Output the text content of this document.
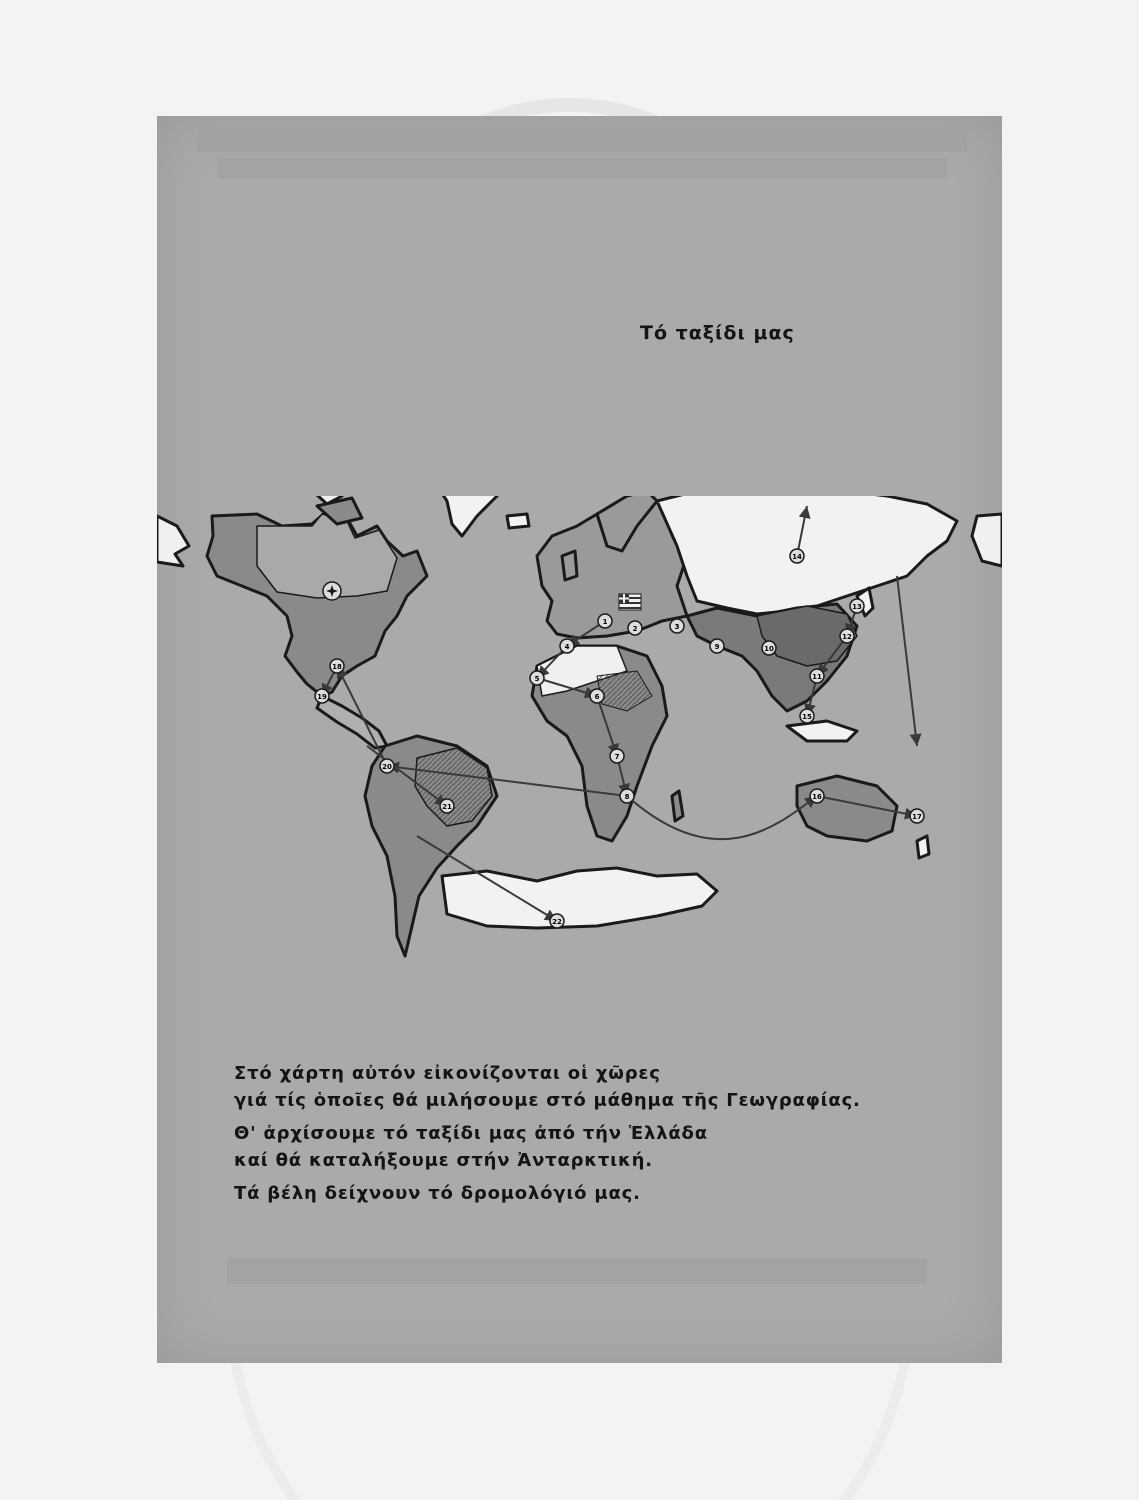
Τό ταξίδι μας
1
2	3
4
5
6
7
8
9	10
11
12
13
14
15
16
17
18
19
20
21
22

Στό χάρτη αὐτόν εἰκονίζονται οἱ χῶρες

γιά τίς ὁποῖες θά μιλήσουμε στό μάθημα τῆς Γεωγραφίας.

Θ' ἀρχίσουμε τό ταξίδι μας ἀπό τήν Ἑλλάδα

καί θά καταλήξουμε στήν Ἀνταρκτική.

Τά βέλη δείχνουν τό δρομολόγιό μας.
